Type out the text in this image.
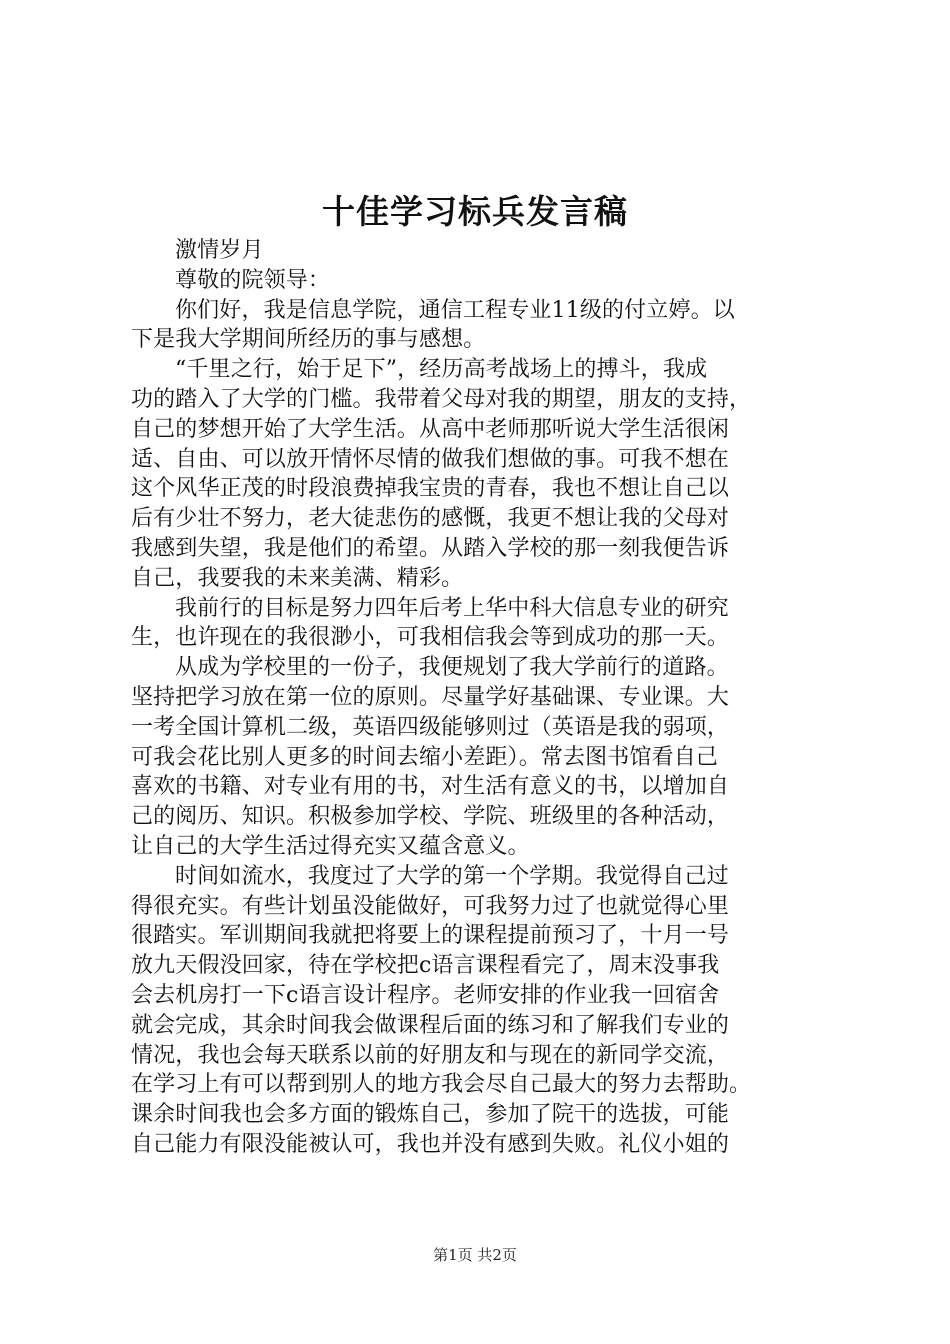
十佳学习标兵发言稿
激情岁月
尊敬的院领导：
你们好，我是信息学院，通信工程专业11级的付立婷。以
下是我大学期间所经历的事与感想。
“千里之行，始于足下”，经历高考战场上的搏斗，我成
功的踏入了大学的门槛。我带着父母对我的期望，朋友的支持，
自己的梦想开始了大学生活。从高中老师那听说大学生活很闲
适、自由、可以放开情怀尽情的做我们想做的事。可我不想在
这个风华正茂的时段浪费掉我宝贵的青春，我也不想让自己以
后有少壮不努力，老大徒悲伤的感慨，我更不想让我的父母对
我感到失望，我是他们的希望。从踏入学校的那一刻我便告诉
自己，我要我的未来美满、精彩。
我前行的目标是努力四年后考上华中科大信息专业的研究
生，也许现在的我很渺小，可我相信我会等到成功的那一天。
从成为学校里的一份子，我便规划了我大学前行的道路。
坚持把学习放在第一位的原则。尽量学好基础课、专业课。大
一考全国计算机二级，英语四级能够则过（英语是我的弱项，
可我会花比别人更多的时间去缩小差距）。常去图书馆看自己
喜欢的书籍、对专业有用的书，对生活有意义的书，以增加自
己的阅历、知识。积极参加学校、学院、班级里的各种活动，
让自己的大学生活过得充实又蕴含意义。
时间如流水，我度过了大学的第一个学期。我觉得自己过
得很充实。有些计划虽没能做好，可我努力过了也就觉得心里
很踏实。军训期间我就把将要上的课程提前预习了，十月一号
放九天假没回家，待在学校把c语言课程看完了，周末没事我
会去机房打一下c语言设计程序。老师安排的作业我一回宿舍
就会完成，其余时间我会做课程后面的练习和了解我们专业的
情况，我也会每天联系以前的好朋友和与现在的新同学交流，
在学习上有可以帮到别人的地方我会尽自己最大的努力去帮助。
课余时间我也会多方面的锻炼自己，参加了院干的选拔，可能
自己能力有限没能被认可，我也并没有感到失败。礼仪小姐的
第1页 共2页
